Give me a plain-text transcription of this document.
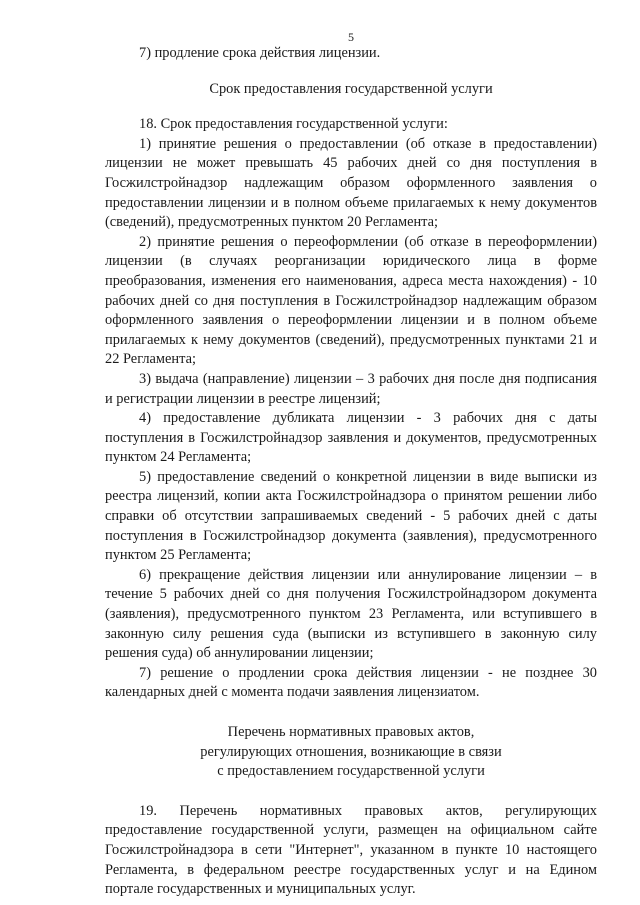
5

7) продление срока действия лицензии.

Срок предоставления государственной услуги

18. Срок предоставления государственной услуги:

1) принятие решения о предоставлении (об отказе в предоставлении) лицензии не может превышать 45 рабочих дней со дня поступления в Госжилстройнадзор надлежащим образом оформленного заявления о предоставлении лицензии и в полном объеме прилагаемых к нему документов (сведений), предусмотренных пунктом 20 Регламента;

2) принятие решения о переоформлении (об отказе в переоформлении) лицензии (в случаях реорганизации юридического лица в форме преобразования, изменения его наименования, адреса места нахождения) - 10 рабочих дней со дня поступления в Госжилстройнадзор надлежащим образом оформленного заявления о переоформлении лицензии и в полном объеме прилагаемых к нему документов (сведений), предусмотренных пунктами 21 и 22 Регламента;

3) выдача (направление) лицензии – 3 рабочих дня после дня подписания и регистрации лицензии в реестре лицензий;

4) предоставление дубликата лицензии - 3 рабочих дня с даты поступления в Госжилстройнадзор заявления и документов, предусмотренных пунктом 24 Регламента;

5) предоставление сведений о конкретной лицензии в виде выписки из реестра лицензий, копии акта Госжилстройнадзора о принятом решении либо справки об отсутствии запрашиваемых сведений - 5 рабочих дней с даты поступления в Госжилстройнадзор документа (заявления), предусмотренного пунктом 25 Регламента;

6) прекращение действия лицензии или аннулирование лицензии – в течение 5 рабочих дней со дня получения Госжилстройнадзором документа (заявления), предусмотренного пунктом 23 Регламента, или вступившего в законную силу решения суда (выписки из вступившего в законную силу решения суда) об аннулировании лицензии;

7) решение о продлении срока действия лицензии - не позднее 30 календарных дней с момента подачи заявления лицензиатом.

Перечень нормативных правовых актов,
регулирующих отношения, возникающие в связи
с предоставлением государственной услуги

19. Перечень нормативных правовых актов, регулирующих предоставление государственной услуги, размещен на официальном сайте Госжилстройнадзора в сети "Интернет", указанном в пункте 10 настоящего Регламента, в федеральном реестре государственных услуг и на Едином портале государственных и муниципальных услуг.
